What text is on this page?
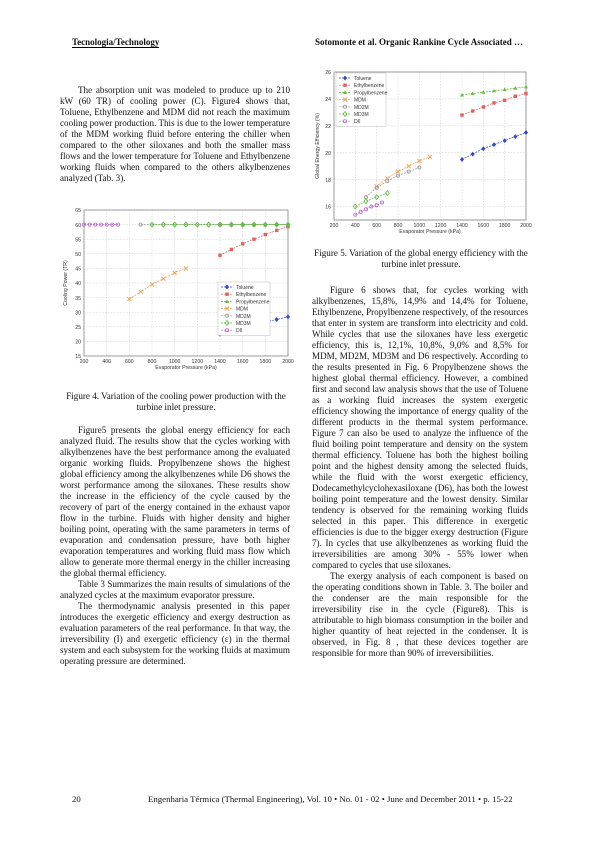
Tecnologia/Technology	Sotomonte et al. Organic Rankine Cycle Associated …

The absorption unit was modeled to produce up to 210 kW (60 TR) of cooling power (C). Figure4 shows that, Toluene, Ethylbenzene and MDM did not reach the maximum cooling power production. This is due to the lower temperature of the MDM working fluid before entering the chiller when compared to the other siloxanes and both the smaller mass flows and the lower temperature for Toluene and Ethylbenzene working fluids when compared to the others alkylbenzenes analyzed (Tab. 3).

15
20
25
30
35
40
45
50
55
60
65
200	400	600	800 1000 1200 1400 1600 1800 2000
Evaporator Pressure (kPa)
Cooling Power (TR)	Toluene
Ethylbenzene
Propylbenzene
MDM
MD2M
MD3M
D6
Figure 4. Variation of the cooling power production with the turbine inlet pressure.

Figure5 presents the global energy efficiency for each analyzed fluid. The results show that the cycles working with alkylbenzenes have the best performance among the evaluated organic working fluids. Propylbenzene shows the highest global efficiency among the alkylbenzenes while D6 shows the worst performance among the siloxanes. These results show the increase in the efficiency of the cycle caused by the recovery of part of the energy contained in the exhaust vapor flow in the turbine. Fluids with higher density and higher boiling point, operating with the same parameters in terms of evaporation and condensation pressure, have both higher evaporation temperatures and working fluid mass flow which allow to generate more thermal energy in the chiller increasing the global thermal efficiency.

Table 3 Summarizes the main results of simulations of the analyzed cycles at the maximum evaporator pressure.

The thermodynamic analysis presented in this paper introduces the exergetic efficiency and exergy destruction as evaluation parameters of the real performance. In that way, the irreversibility (I) and exergetic efficiency (ε) in the thermal system and each subsystem for the working fluids at maximum operating pressure are determined.

16
18
20
22
24
26
200 400 600 800 1000 1200 1400 1600 1800 2000
Evaporator Pressure (kPa)
Global Energy Efficiency (%)
Toluene
Ethylbenzene
Propylbenzene
MDM
MD2M
MD3M
D6
Figure 5. Variation of the global energy efficiency with the turbine inlet pressure.

Figure 6 shows that, for cycles working with alkylbenzenes, 15,8%, 14,9% and 14,4% for Toluene, Ethylbenzene, Propylbenzene respectively, of the resources that enter in system are transform into electricity and cold. While cycles that use the siloxanes have less exergetic efficiency, this is, 12,1%, 10,8%, 9,0% and 8,5% for MDM, MD2M, MD3M and D6 respectively. According to the results presented in Fig. 6 Propylbenzene shows the highest global thermal efficiency. However, a combined first and second law analysis shows that the use of Toluene as a working fluid increases the system exergetic efficiency showing the importance of energy quality of the different products in the thermal system performance. Figure 7 can also be used to analyze the influence of the fluid boiling point temperature and density on the system thermal efficiency. Toluene has both the highest boiling point and the highest density among the selected fluids, while the fluid with the worst exergetic efficiency, Dodecamethylcyclohexasiloxane (D6), has both the lowest boiling point temperature and the lowest density. Similar tendency is observed for the remaining working fluids selected in this paper. This difference in exergetic efficiencies is due to the bigger exergy destruction (Figure 7). In cycles that use alkylbenzenes as working fluid the irreversibilities are among 30% - 55% lower when compared to cycles that use siloxanes.

The exergy analysis of each component is based on the operating conditions shown in Table. 3. The boiler and the condenser are the main responsible for the irreversibility rise in the cycle (Figure8). This is attributable to high biomass consumption in the boiler and higher quantity of heat rejected in the condenser. It is observed, in Fig. 8 , that these devices together are responsible for more than 90% of irreversibilities.

20	Engenharia Térmica (Thermal Engineering), Vol. 10 • No. 01 - 02 • June and December 2011 • p. 15-22
